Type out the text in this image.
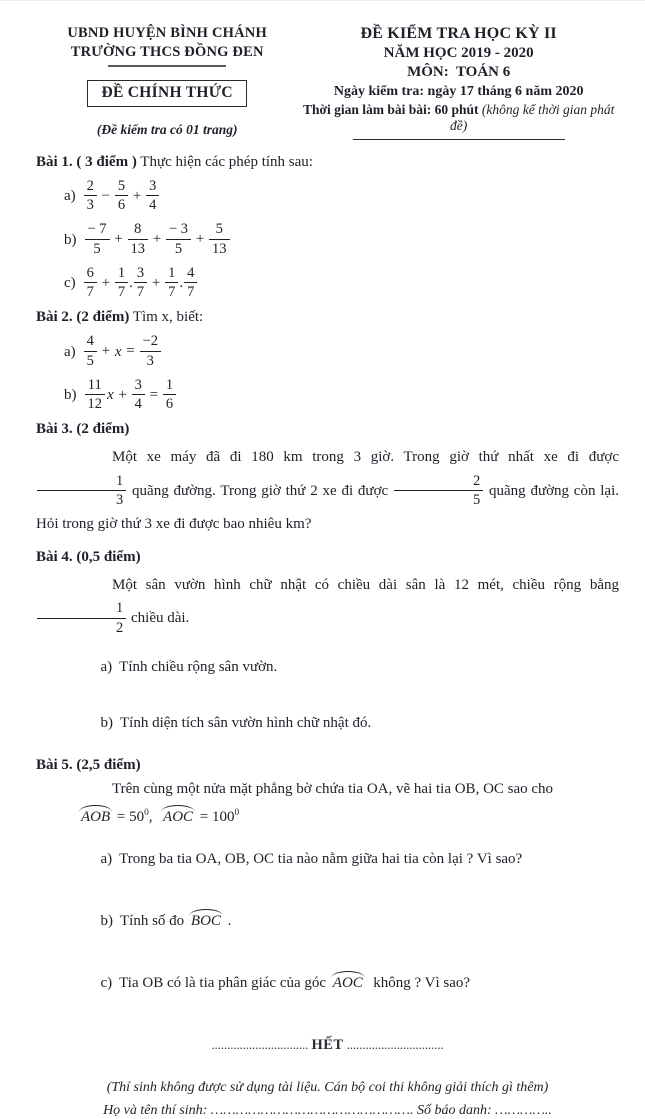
UBND HUYỆN BÌNH CHÁNH
TRƯỜNG THCS ĐỒNG ĐEN
ĐỀ CHÍNH THỨC
(Đề kiểm tra có 01 trang)
ĐỀ KIỂM TRA HỌC KỲ II
NĂM HỌC 2019 - 2020
MÔN:  TOÁN 6
Ngày kiểm tra: ngày 17 tháng 6 năm 2020
Thời gian làm bài bài: 60 phút (không kể thời gian phát đề)
Bài 1. ( 3 điểm ) Thực hiện các phép tính sau:
$a) \frac{2}{3} - \frac{5}{6} + \frac{3}{4}$
$b) \frac{- 7}{5} + \frac{8}{13} + \frac{- 3}{5} + \frac{5}{13}$
$c) \frac{6}{7} + \frac{1}{7}$ . $\frac{3}{7} + \frac{1}{7}$ . $\frac{4}{7}$
Bài 2. (2 điểm) Tìm x, biết:
$a) \frac{4}{5} + x = \frac{-2}{3}$
$b) \frac{11}{12}$ $x + \frac{3}{4} = \frac{1}{6}$
Bài 3. (2 điểm)
Một xe máy đã đi 180 km trong 3 giờ. Trong giờ thứ nhất xe đi được
$\frac{1}{3}$ quãng đường. Trong giờ thứ 2 xe đi được $\frac{2}{5}$ quãng đường còn lại. Hỏi trong giờ thứ 3 xe đi được bao nhiêu km?
Bài 4. (0,5 điểm)
Một sân vườn hình chữ nhật có chiều dài sân là 12 mét, chiều rộng bằng
$\frac{1}{2}$ chiều dài.

a) Tính chiều rộng sân vườn.

b) Tính diện tích sân vườn hình chữ nhật đó.

Bài 5. (2,5 điểm)
Trên cùng một nửa mặt phẳng bờ chứa tia OA, vẽ hai tia OB, OC sao cho
AOB = $50^0$,  AOC = $100^0$

a) Trong ba tia OA, OB, OC tia nào nằm giữa hai tia còn lại ? Vì sao?

b) Tính số đo BOC .

c) Tia OB có là tia phân giác của góc AOC  không ? Vì sao?

............................... HẾT ...............................
(Thí sinh không được sử dụng tài liệu. Cán bộ coi thi không giải thích gì thêm)
Họ và tên thí sinh: …………………………………………. Số báo danh: …………..
